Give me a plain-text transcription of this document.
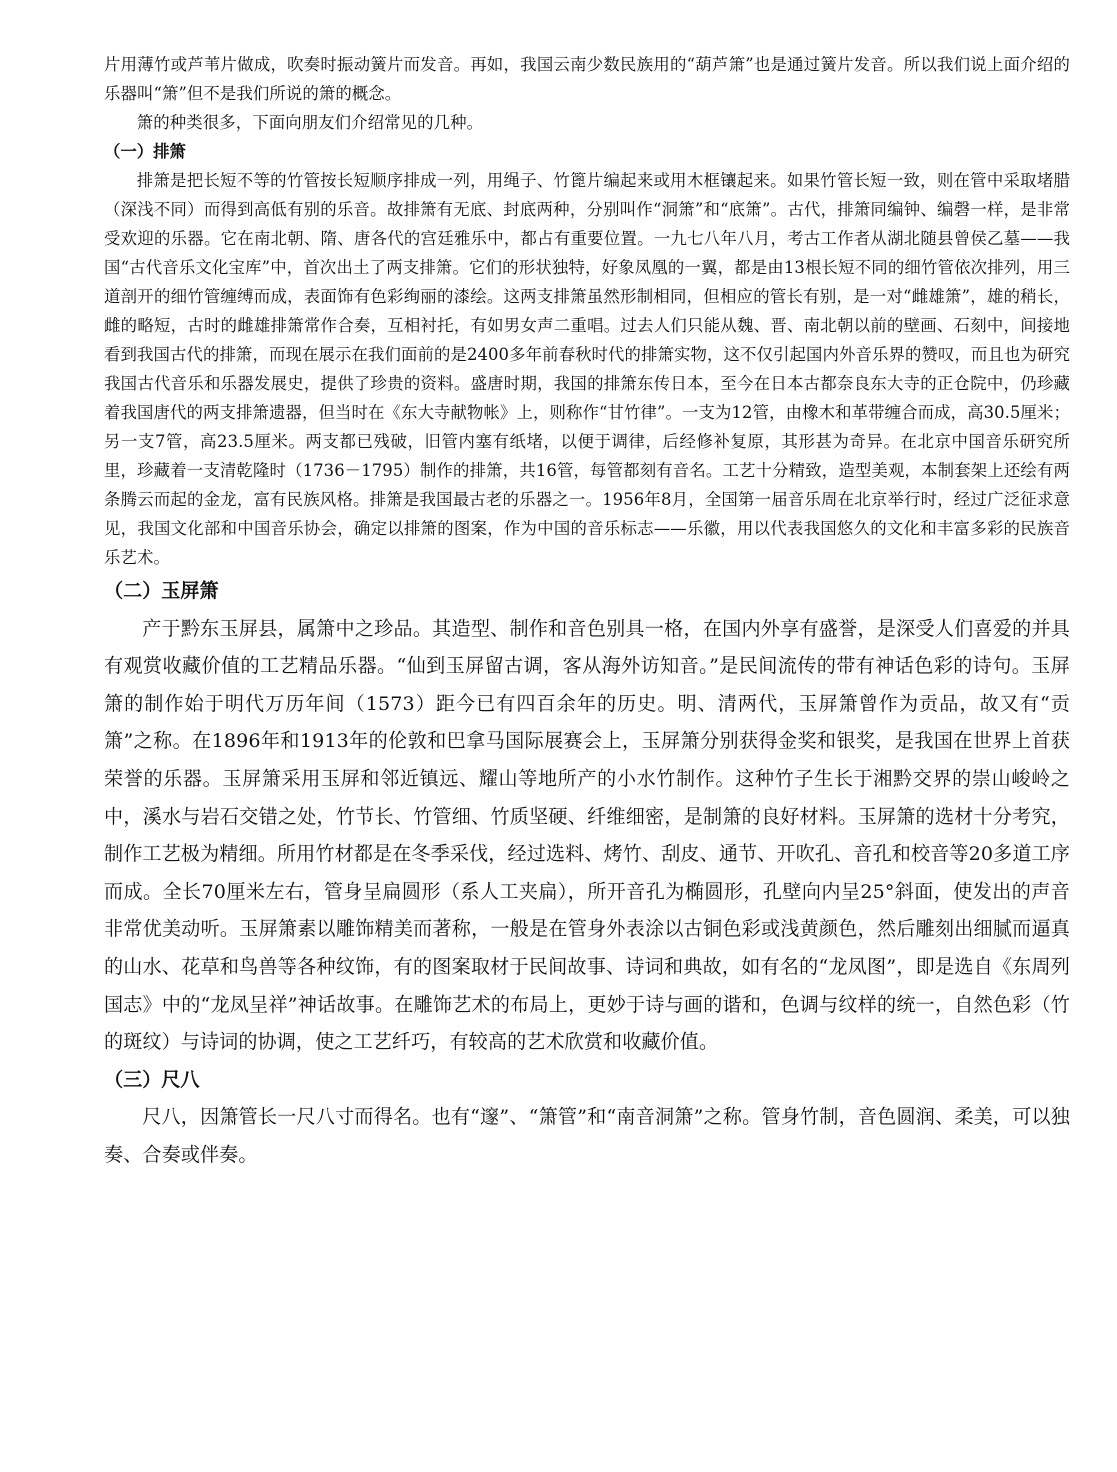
片用薄竹或芦苇片做成，吹奏时振动簧片而发音。再如，我国云南少数民族用的“葫芦箫”也是通过簧片发音。所以我们说上面介绍的乐器叫“箫”但不是我们所说的箫的概念。

箫的种类很多，下面向朋友们介绍常见的几种。

（一）排箫

排箫是把长短不等的竹管按长短顺序排成一列，用绳子、竹篦片编起来或用木框镶起来。如果竹管长短一致，则在管中采取堵腊（深浅不同）而得到高低有别的乐音。故排箫有无底、封底两种，分别叫作“洞箫”和“底箫”。古代，排箫同编钟、编磬一样，是非常受欢迎的乐器。它在南北朝、隋、唐各代的宫廷雅乐中，都占有重要位置。一九七八年八月，考古工作者从湖北随县曾侯乙墓——我国“古代音乐文化宝库”中，首次出土了两支排箫。它们的形状独特，好象凤凰的一翼，都是由13根长短不同的细竹管依次排列，用三道剖开的细竹管缠缚而成，表面饰有色彩绚丽的漆绘。这两支排箫虽然形制相同，但相应的管长有别，是一对“雌雄箫”，雄的稍长，雌的略短，古时的雌雄排箫常作合奏，互相衬托，有如男女声二重唱。过去人们只能从魏、晋、南北朝以前的壁画、石刻中，间接地看到我国古代的排箫，而现在展示在我们面前的是2400多年前春秋时代的排箫实物，这不仅引起国内外音乐界的赞叹，而且也为研究我国古代音乐和乐器发展史，提供了珍贵的资料。盛唐时期，我国的排箫东传日本，至今在日本古都奈良东大寺的正仓院中，仍珍藏着我国唐代的两支排箫遗器，但当时在《东大寺献物帐》上，则称作“甘竹律”。一支为12管，由橡木和革带缠合而成，高30.5厘米；另一支7管，高23.5厘米。两支都已残破，旧管内塞有纸堵，以便于调律，后经修补复原，其形甚为奇异。在北京中国音乐研究所里，珍藏着一支清乾隆时（1736－1795）制作的排箫，共16管，每管都刻有音名。工艺十分精致，造型美观，本制套架上还绘有两条腾云而起的金龙，富有民族风格。排箫是我国最古老的乐器之一。1956年8月，全国第一届音乐周在北京举行时，经过广泛征求意见，我国文化部和中国音乐协会，确定以排箫的图案，作为中国的音乐标志——乐徽，用以代表我国悠久的文化和丰富多彩的民族音乐艺术。

（二）玉屏箫

产于黔东玉屏县，属箫中之珍品。其造型、制作和音色别具一格，在国内外享有盛誉，是深受人们喜爱的并具有观赏收藏价值的工艺精品乐器。“仙到玉屏留古调，客从海外访知音。”是民间流传的带有神话色彩的诗句。玉屏箫的制作始于明代万历年间（1573）距今已有四百余年的历史。明、清两代，玉屏箫曾作为贡品，故又有“贡箫”之称。在1896年和1913年的伦敦和巴拿马国际展赛会上，玉屏箫分别获得金奖和银奖，是我国在世界上首获荣誉的乐器。玉屏箫采用玉屏和邻近镇远、耀山等地所产的小水竹制作。这种竹子生长于湘黔交界的崇山峻岭之中，溪水与岩石交错之处，竹节长、竹管细、竹质坚硬、纤维细密，是制箫的良好材料。玉屏箫的选材十分考究，制作工艺极为精细。所用竹材都是在冬季采伐，经过选料、烤竹、刮皮、通节、开吹孔、音孔和校音等20多道工序而成。全长70厘米左右，管身呈扁圆形（系人工夹扁），所开音孔为椭圆形，孔壁向内呈25°斜面，使发出的声音非常优美动听。玉屏箫素以雕饰精美而著称，一般是在管身外表涂以古铜色彩或浅黄颜色，然后雕刻出细腻而逼真的山水、花草和鸟兽等各种纹饰，有的图案取材于民间故事、诗词和典故，如有名的“龙凤图”，即是选自《东周列国志》中的“龙凤呈祥”神话故事。在雕饰艺术的布局上，更妙于诗与画的谐和，色调与纹样的统一，自然色彩（竹的斑纹）与诗词的协调，使之工艺纤巧，有较高的艺术欣赏和收藏价值。

（三）尺八

尺八，因箫管长一尺八寸而得名。也有“邃”、“箫管”和“南音洞箫”之称。管身竹制，音色圆润、柔美，可以独奏、合奏或伴奏。
